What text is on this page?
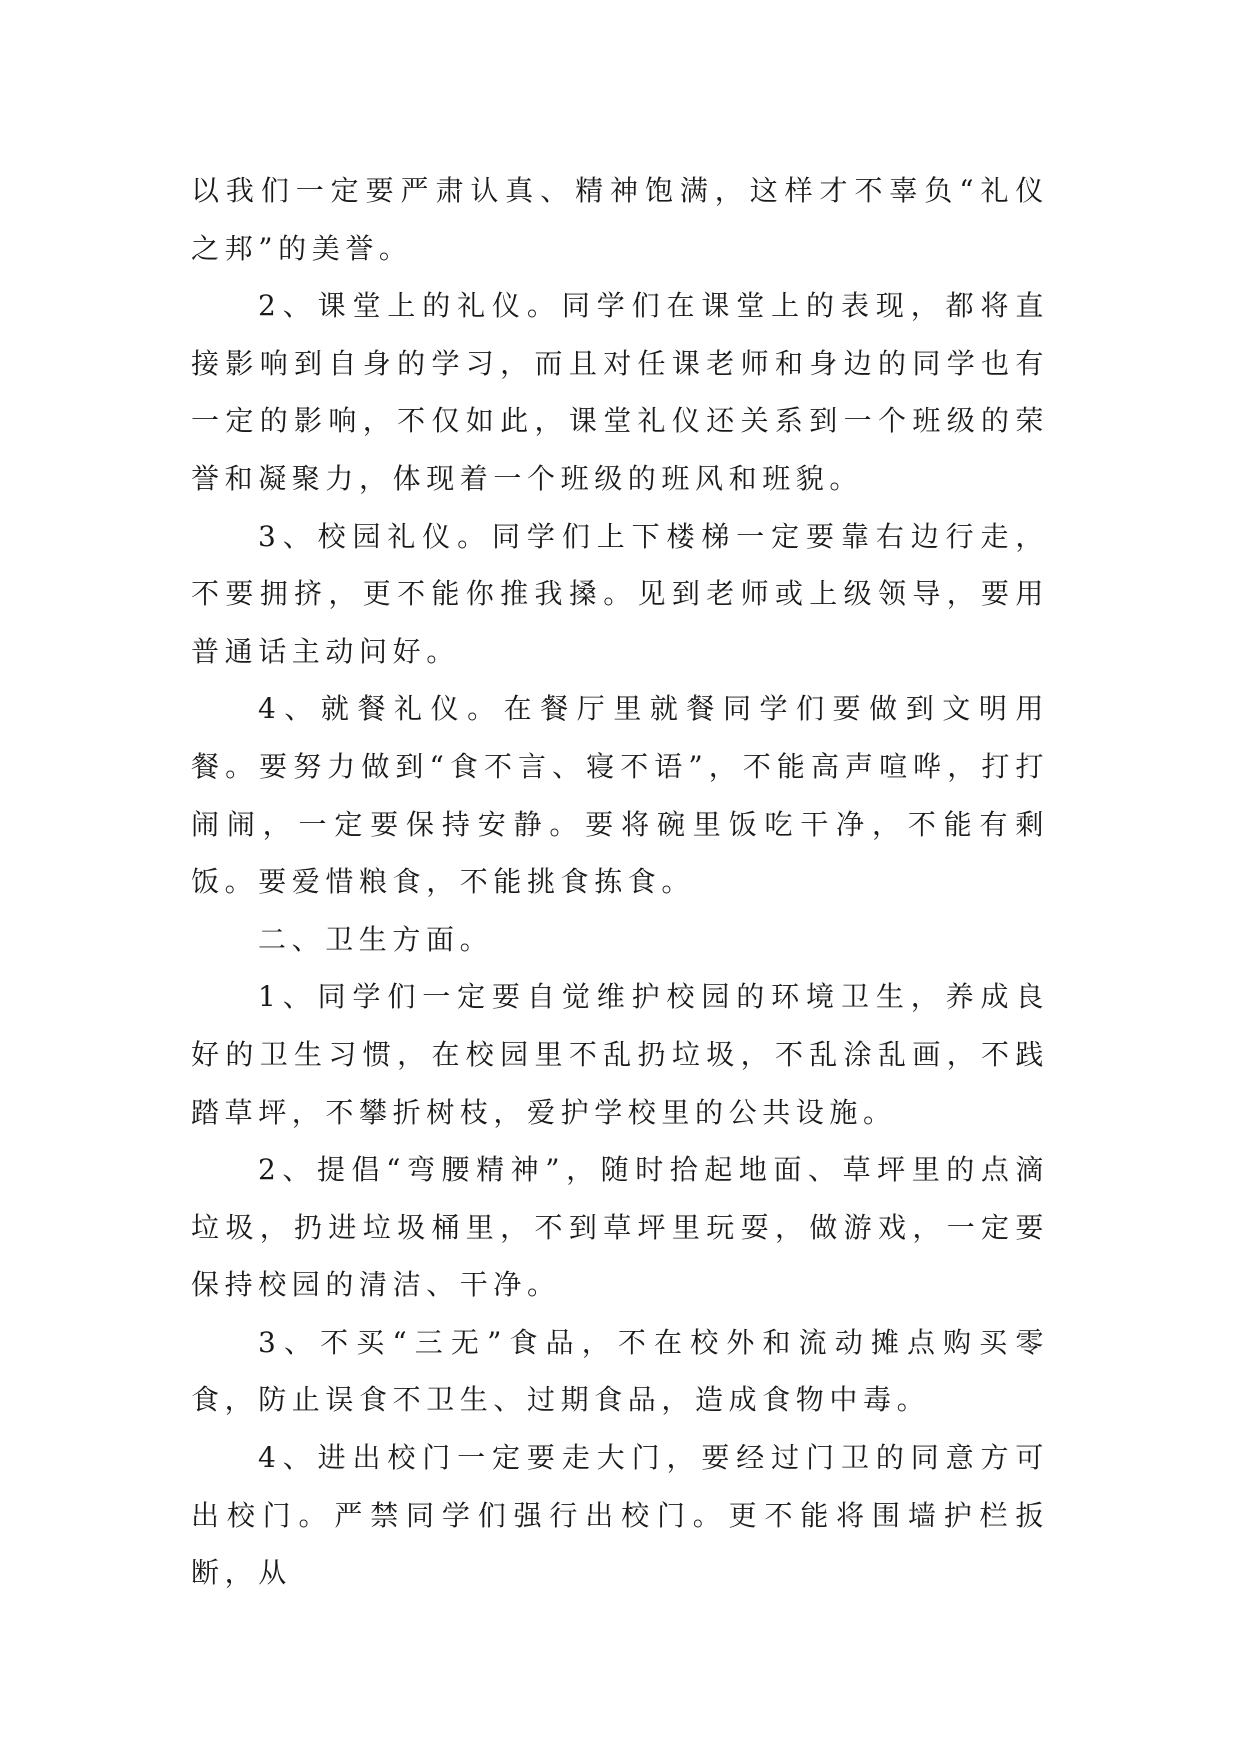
以我们一定要严肃认真、精神饱满，这样才不辜负“礼仪之邦”的美誉。

2、课堂上的礼仪。同学们在课堂上的表现，都将直接影响到自身的学习，而且对任课老师和身边的同学也有一定的影响，不仅如此，课堂礼仪还关系到一个班级的荣誉和凝聚力，体现着一个班级的班风和班貌。

3、校园礼仪。同学们上下楼梯一定要靠右边行走，不要拥挤，更不能你推我搡。见到老师或上级领导，要用普通话主动问好。

4、就餐礼仪。在餐厅里就餐同学们要做到文明用餐。要努力做到“食不言、寝不语”，不能高声喧哗，打打闹闹，一定要保持安静。要将碗里饭吃干净，不能有剩饭。要爱惜粮食，不能挑食拣食。

二、卫生方面。

1、同学们一定要自觉维护校园的环境卫生，养成良好的卫生习惯，在校园里不乱扔垃圾，不乱涂乱画，不践踏草坪，不攀折树枝，爱护学校里的公共设施。

2、提倡“弯腰精神”，随时拾起地面、草坪里的点滴垃圾，扔进垃圾桶里，不到草坪里玩耍，做游戏，一定要保持校园的清洁、干净。

3、不买“三无”食品，不在校外和流动摊点购买零食，防止误食不卫生、过期食品，造成食物中毒。

4、进出校门一定要走大门，要经过门卫的同意方可出校门。严禁同学们强行出校门。更不能将围墙护栏扳断，从
